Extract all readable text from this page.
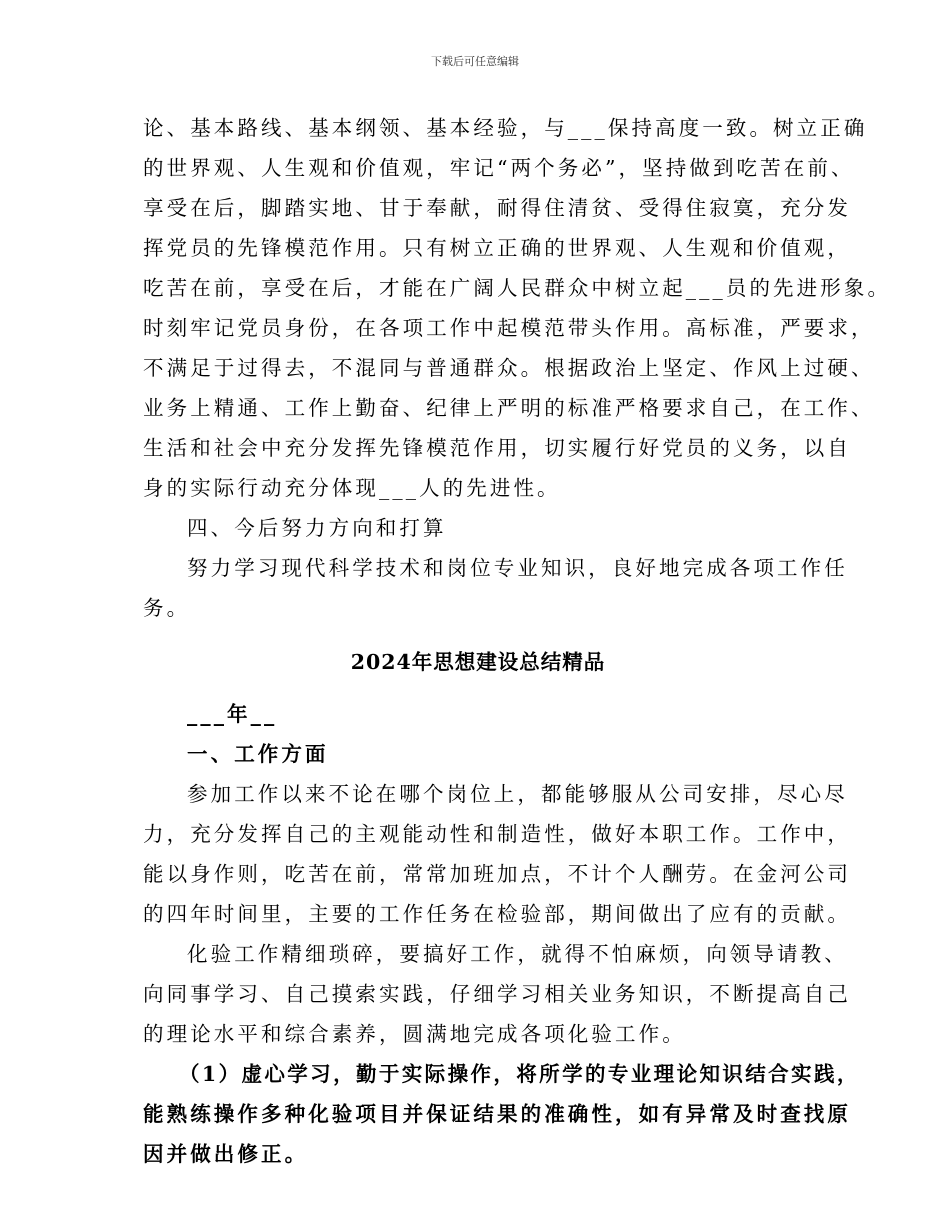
下载后可任意编辑
论、基本路线、基本纲领、基本经验，与___保持高度一致。树立正确
的世界观、人生观和价值观，牢记“两个务必”，坚持做到吃苦在前、
享受在后，脚踏实地、甘于奉献，耐得住清贫、受得住寂寞，充分发
挥党员的先锋模范作用。只有树立正确的世界观、人生观和价值观，
吃苦在前，享受在后，才能在广阔人民群众中树立起___员的先进形象。
时刻牢记党员身份，在各项工作中起模范带头作用。高标准，严要求，
不满足于过得去，不混同与普通群众。根据政治上坚定、作风上过硬、
业务上精通、工作上勤奋、纪律上严明的标准严格要求自己，在工作、
生活和社会中充分发挥先锋模范作用，切实履行好党员的义务，以自
身的实际行动充分体现___人的先进性。
四、今后努力方向和打算
努力学习现代科学技术和岗位专业知识，良好地完成各项工作任
务。
2024年思想建设总结精品
___年__
一、工作方面
参加工作以来不论在哪个岗位上，都能够服从公司安排，尽心尽
力，充分发挥自己的主观能动性和制造性，做好本职工作。工作中，
能以身作则，吃苦在前，常常加班加点，不计个人酬劳。在金河公司
的四年时间里，主要的工作任务在检验部，期间做出了应有的贡献。
化验工作精细琐碎，要搞好工作，就得不怕麻烦，向领导请教、
向同事学习、自己摸索实践，仔细学习相关业务知识，不断提高自己
的理论水平和综合素养，圆满地完成各项化验工作。
（1）虚心学习，勤于实际操作，将所学的专业理论知识结合实践，
能熟练操作多种化验项目并保证结果的准确性，如有异常及时查找原
因并做出修正。
